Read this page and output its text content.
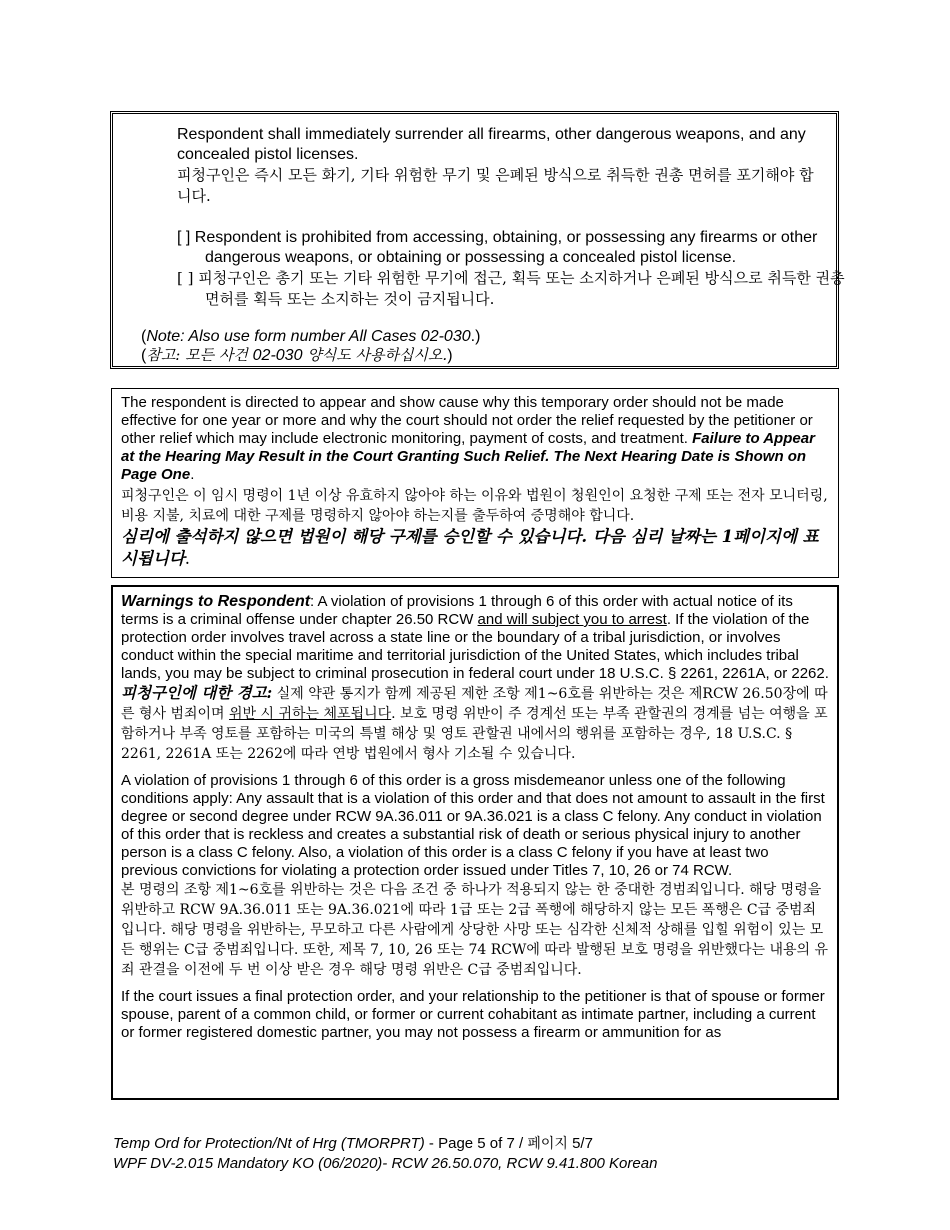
Respondent shall immediately surrender all firearms, other dangerous weapons, and any concealed pistol licenses.

피청구인은 즉시 모든 화기, 기타 위험한 무기 및 은폐된 방식으로 취득한 권총 면허를 포기해야 합니다.

[ ] Respondent is prohibited from accessing, obtaining, or possessing any firearms or other dangerous weapons, or obtaining or possessing a concealed pistol license.

[ ] 피청구인은 총기 또는 기타 위험한 무기에 접근, 획득 또는 소지하거나 은폐된 방식으로 취득한 권총 면허를 획득 또는 소지하는 것이 금지됩니다.

(Note: Also use form number All Cases 02-030.)

(참고: 모든 사건 02-030 양식도 사용하십시오.)

The respondent is directed to appear and show cause why this temporary order should not be made effective for one year or more and why the court should not order the relief requested by the petitioner or other relief which may include electronic monitoring, payment of costs, and treatment. Failure to Appear at the Hearing May Result in the Court Granting Such Relief. The Next Hearing Date is Shown on Page One.

피청구인은 이 임시 명령이 1년 이상 유효하지 않아야 하는 이유와 법원이 청원인이 요청한 구제 또는 전자 모니터링, 비용 지불, 치료에 대한 구제를 명령하지 않아야 하는지를 출두하여 증명해야 합니다.

심리에 출석하지 않으면 법원이 해당 구제를 승인할 수 있습니다. 다음 심리 날짜는 1페이지에 표시됩니다.

Warnings to Respondent: A violation of provisions 1 through 6 of this order with actual notice of its terms is a criminal offense under chapter 26.50 RCW and will subject you to arrest. If the violation of the protection order involves travel across a state line or the boundary of a tribal jurisdiction, or involves conduct within the special maritime and territorial jurisdiction of the United States, which includes tribal lands, you may be subject to criminal prosecution in federal court under 18 U.S.C. § 2261, 2261A, or 2262.

피청구인에 대한 경고: 실제 약관 통지가 함께 제공된 제한 조항 제1~6호를 위반하는 것은 제RCW 26.50장에 따른 형사 범죄이며 위반 시 귀하는 체포됩니다. 보호 명령 위반이 주 경계선 또는 부족 관할권의 경계를 넘는 여행을 포함하거나 부족 영토를 포함하는 미국의 특별 해상 및 영토 관할권 내에서의 행위를 포함하는 경우, 18 U.S.C. § 2261, 2261A 또는 2262에 따라 연방 법원에서 형사 기소될 수 있습니다.

A violation of provisions 1 through 6 of this order is a gross misdemeanor unless one of the following conditions apply: Any assault that is a violation of this order and that does not amount to assault in the first degree or second degree under RCW 9A.36.011 or 9A.36.021 is a class C felony. Any conduct in violation of this order that is reckless and creates a substantial risk of death or serious physical injury to another person is a class C felony. Also, a violation of this order is a class C felony if you have at least two previous convictions for violating a protection order issued under Titles 7, 10, 26 or 74 RCW.

본 명령의 조항 제1~6호를 위반하는 것은 다음 조건 중 하나가 적용되지 않는 한 중대한 경범죄입니다. 해당 명령을 위반하고 RCW 9A.36.011 또는 9A.36.021에 따라 1급 또는 2급 폭행에 해당하지 않는 모든 폭행은 C급 중범죄입니다. 해당 명령을 위반하는, 무모하고 다른 사람에게 상당한 사망 또는 심각한 신체적 상해를 입힐 위험이 있는 모든 행위는 C급 중범죄입니다. 또한, 제목 7, 10, 26 또는 74 RCW에 따라 발행된 보호 명령을 위반했다는 내용의 유죄 관결을 이전에 두 번 이상 받은 경우 해당 명령 위반은 C급 중범죄입니다.

If the court issues a final protection order, and your relationship to the petitioner is that of spouse or former spouse, parent of a common child, or former or current cohabitant as intimate partner, including a current or former registered domestic partner, you may not possess a firearm or ammunition for as

Temp Ord for Protection/Nt of Hrg (TMORPRT) - Page 5 of 7 / 페이지 5/7
WPF DV-2.015 Mandatory KO (06/2020)- RCW 26.50.070, RCW 9.41.800 Korean
